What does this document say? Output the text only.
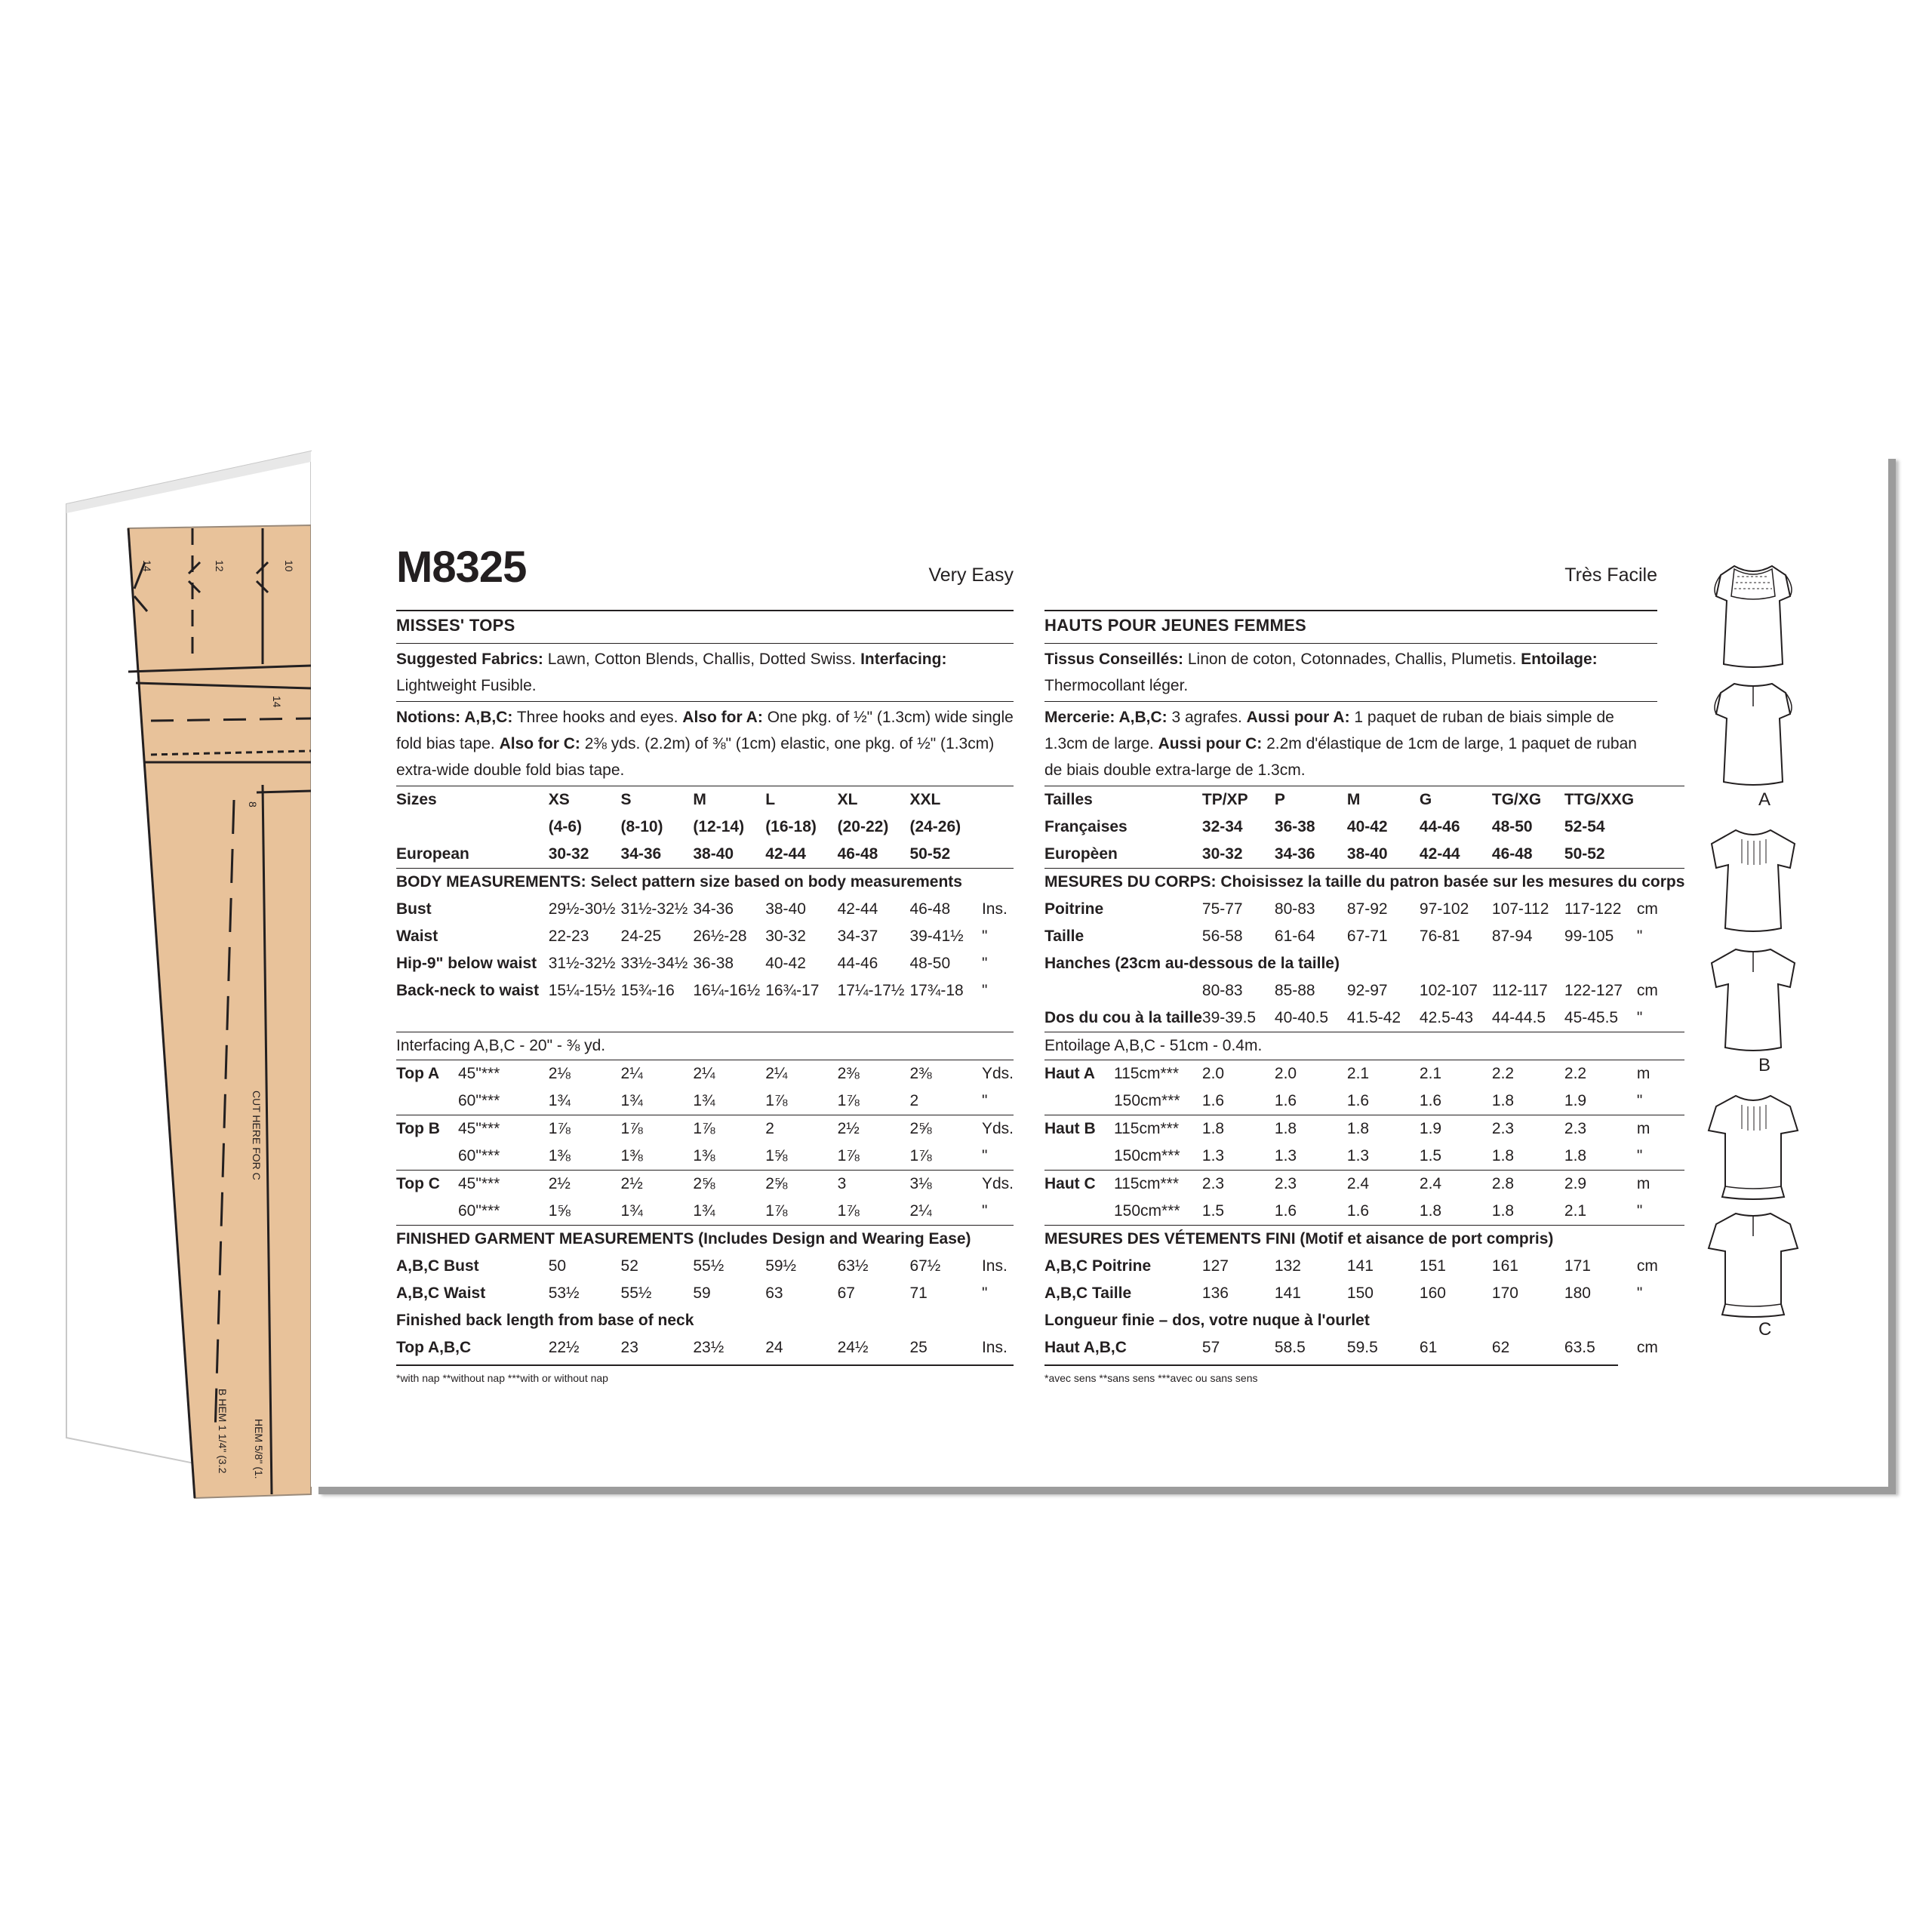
14	12	10
14
8
CUT HERE FOR C
B HEM 1 1/4" (3.2 HEM 5/8" (1.
M8325	Very Easy
MISSES' TOPS
Suggested Fabrics: Lawn, Cotton Blends, Challis, Dotted Swiss. Interfacing: Lightweight Fusible.
Notions: A,B,C: Three hooks and eyes. Also for A: One pkg. of ½" (1.3cm) wide single fold bias tape. Also for C: 2⅜ yds. (2.2m) of ⅜" (1cm) elastic, one pkg. of ½" (1.3cm) extra-wide double fold bias tape.
Sizes	XS	S	M	L	XL	XXL	
	(4-6)	(8-10)	(12-14)	(16-18)	(20-22)	(24-26)	
European	30-32	34-36	38-40	42-44	46-48	50-52	
BODY MEASUREMENTS: Select pattern size based on body measurements							
Bust	29½-30½	31½-32½	34-36	38-40	42-44	46-48	Ins.
Waist	22-23	24-25	26½-28	30-32	34-37	39-41½	"
Hip-9" below waist	31½-32½	33½-34½	36-38	40-42	44-46	48-50	"
Back-neck to waist	15¼-15½	15¾-16	16¼-16½	16¾-17	17¼-17½	17¾-18	"

Interfacing A,B,C - 20" - ⅜ yd.							

Top A 45"***	2⅛	2¼	2¼	2¼	2⅜	2⅜	Yds.

60"***	1¾	1¾	1¾	1⅞	1⅞	2	"

Top B 45"***	1⅞	1⅞	1⅞	2	2½	2⅝	Yds.

60"***	1⅜	1⅜	1⅜	1⅝	1⅞	1⅞	"

Top C 45"***	2½	2½	2⅝	2⅝	3	3⅛	Yds.

60"***	1⅝	1¾	1¾	1⅞	1⅞	2¼	"
FINISHED GARMENT MEASUREMENTS (Includes Design and Wearing Ease)							
A,B,C Bust	50	52	55½	59½	63½	67½	Ins.
A,B,C Waist	53½	55½	59	63	67	71	"
Finished back length from base of neck							
Top A,B,C	22½	23	23½	24	24½	25	Ins.
*with nap **without nap ***with or without nap
Très Facile
HAUTS POUR JEUNES FEMMES
Tissus Conseillés: Linon de coton, Cotonnades, Challis, Plumetis. Entoilage: Thermocollant léger.
Mercerie: A,B,C: 3 agrafes. Aussi pour A: 1 paquet de ruban de biais simple de 1.3cm de large. Aussi pour C: 2.2m d'élastique de 1cm de large, 1 paquet de ruban de biais double extra-large de 1.3cm.
Tailles	TP/XP	P	M	G	TG/XG	TTG/XXG	
Françaises	32-34	36-38	40-42	44-46	48-50	52-54	
Europèen	30-32	34-36	38-40	42-44	46-48	50-52	
MESURES DU CORPS: Choisissez la taille du patron basée sur les mesures du corps							
Poitrine	75-77	80-83	87-92	97-102	107-112	117-122	cm
Taille	56-58	61-64	67-71	76-81	87-94	99-105	"
Hanches (23cm au-dessous de la taille)							
	80-83	85-88	92-97	102-107	112-117	122-127	cm
Dos du cou à la taille	39-39.5	40-40.5	41.5-42	42.5-43	44-44.5	45-45.5	"
Entoilage A,B,C - 51cm - 0.4m.							

Haut A 115cm***	2.0	2.0	2.1	2.1	2.2	2.2	m

150cm***	1.6	1.6	1.6	1.6	1.8	1.9	"

Haut B 115cm***	1.8	1.8	1.8	1.9	2.3	2.3	m

150cm***	1.3	1.3	1.3	1.5	1.8	1.8	"

Haut C 115cm***	2.3	2.3	2.4	2.4	2.8	2.9	m

150cm***	1.5	1.6	1.6	1.8	1.8	2.1	"
MESURES DES VÉTEMENTS FINI (Motif et aisance de port compris)							
A,B,C Poitrine	127	132	141	151	161	171	cm
A,B,C Taille	136	141	150	160	170	180	"
Longueur finie – dos, votre nuque à l'ourlet							
Haut A,B,C	57	58.5	59.5	61	62	63.5	cm
*avec sens **sans sens ***avec ou sans sens
A
B
C
